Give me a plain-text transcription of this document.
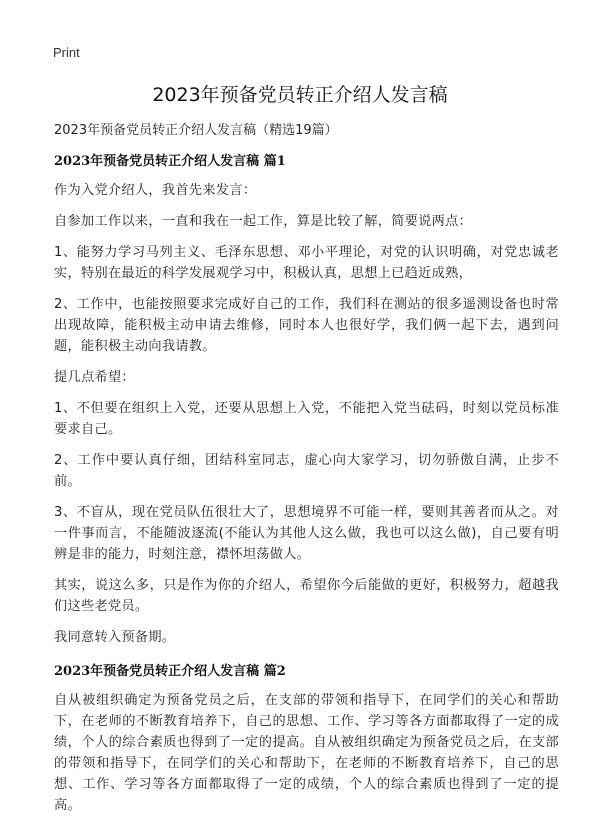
Print
2023年预备党员转正介绍人发言稿

2023年预备党员转正介绍人发言稿（精选19篇）

2023年预备党员转正介绍人发言稿 篇1

作为入党介绍人，我首先来发言：

自参加工作以来，一直和我在一起工作，算是比较了解，简要说两点：

1、能努力学习马列主义、毛泽东思想、邓小平理论，对党的认识明确，对党忠诚老实，特别在最近的科学发展观学习中，积极认真，思想上已趋近成熟，

2、工作中，也能按照要求完成好自己的工作，我们科在测站的很多遥测设备也时常出现故障，能积极主动申请去维修，同时本人也很好学，我们俩一起下去，遇到问题，能积极主动向我请教。

提几点希望：

1、不但要在组织上入党，还要从思想上入党，不能把入党当砝码，时刻以党员标准要求自己。

2、工作中要认真仔细，团结科室同志，虚心向大家学习，切勿骄傲自满，止步不前。

3、不盲从，现在党员队伍很壮大了，思想境界不可能一样，要则其善者而从之。对一件事而言，不能随波逐流(不能认为其他人这么做，我也可以这么做)，自己要有明辨是非的能力，时刻注意，襟怀坦荡做人。

其实，说这么多，只是作为你的介绍人，希望你今后能做的更好，积极努力，超越我们这些老党员。

我同意转入预备期。

2023年预备党员转正介绍人发言稿 篇2

自从被组织确定为预备党员之后，在支部的带领和指导下，在同学们的关心和帮助下，在老师的不断教育培养下，自己的思想、工作、学习等各方面都取得了一定的成绩，个人的综合素质也得到了一定的提高。自从被组织确定为预备党员之后，在支部的带领和指导下，在同学们的关心和帮助下，在老师的不断教育培养下，自己的思想、工作、学习等各方面都取得了一定的成绩，个人的综合素质也得到了一定的提高。
